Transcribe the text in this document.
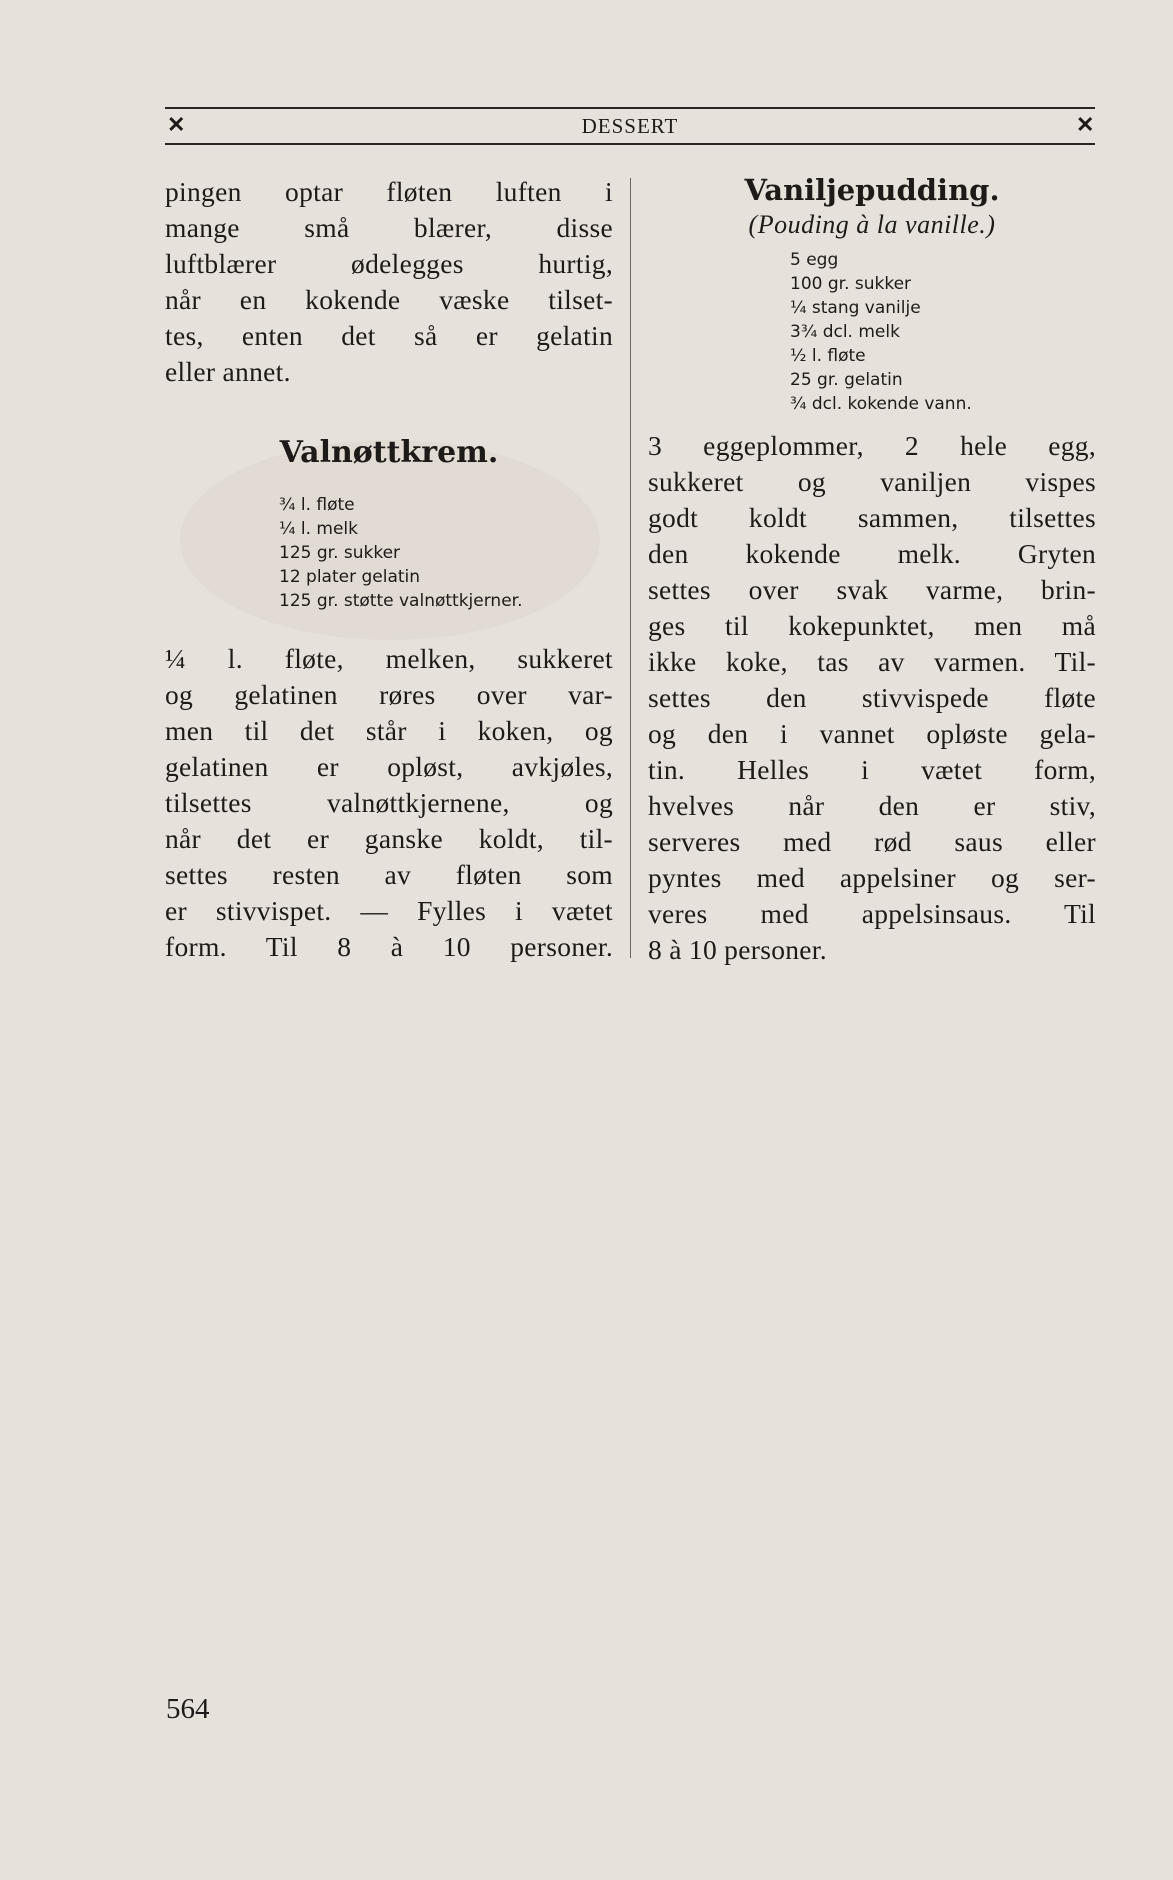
✕	DESSERT	✕

pingen optar fløten luften i

mange små blærer, disse

luftblærer ødelegges hurtig,

når en kokende væske tilset-

tes, enten det så er gelatin

eller annet.

Valnøttkrem.
¾ l. fløte
¼ l. melk
125 gr. sukker
12 plater gelatin
125 gr. støtte valnøttkjerner.

¼ l. fløte, melken, sukkeret

og gelatinen røres over var-

men til det står i koken, og

gelatinen er opløst, avkjøles,

tilsettes valnøttkjernene, og

når det er ganske koldt, til-

settes resten av fløten som

er stivvispet. — Fylles i vætet

form. Til 8 à 10 personer.

Vaniljepudding.

(Pouding à la vanille.)

5 egg
100 gr. sukker
¼ stang vanilje
3¾ dcl. melk
½ l. fløte
25 gr. gelatin
¾ dcl. kokende vann.

3 eggeplommer, 2 hele egg,

sukkeret og vaniljen vispes

godt koldt sammen, tilsettes

den kokende melk. Gryten

settes over svak varme, brin-

ges til kokepunktet, men må

ikke koke, tas av varmen. Til-

settes den stivvispede fløte

og den i vannet opløste gela-

tin. Helles i vætet form,

hvelves når den er stiv,

serveres med rød saus eller

pyntes med appelsiner og ser-

veres med appelsinsaus. Til

8 à 10 personer.

564
